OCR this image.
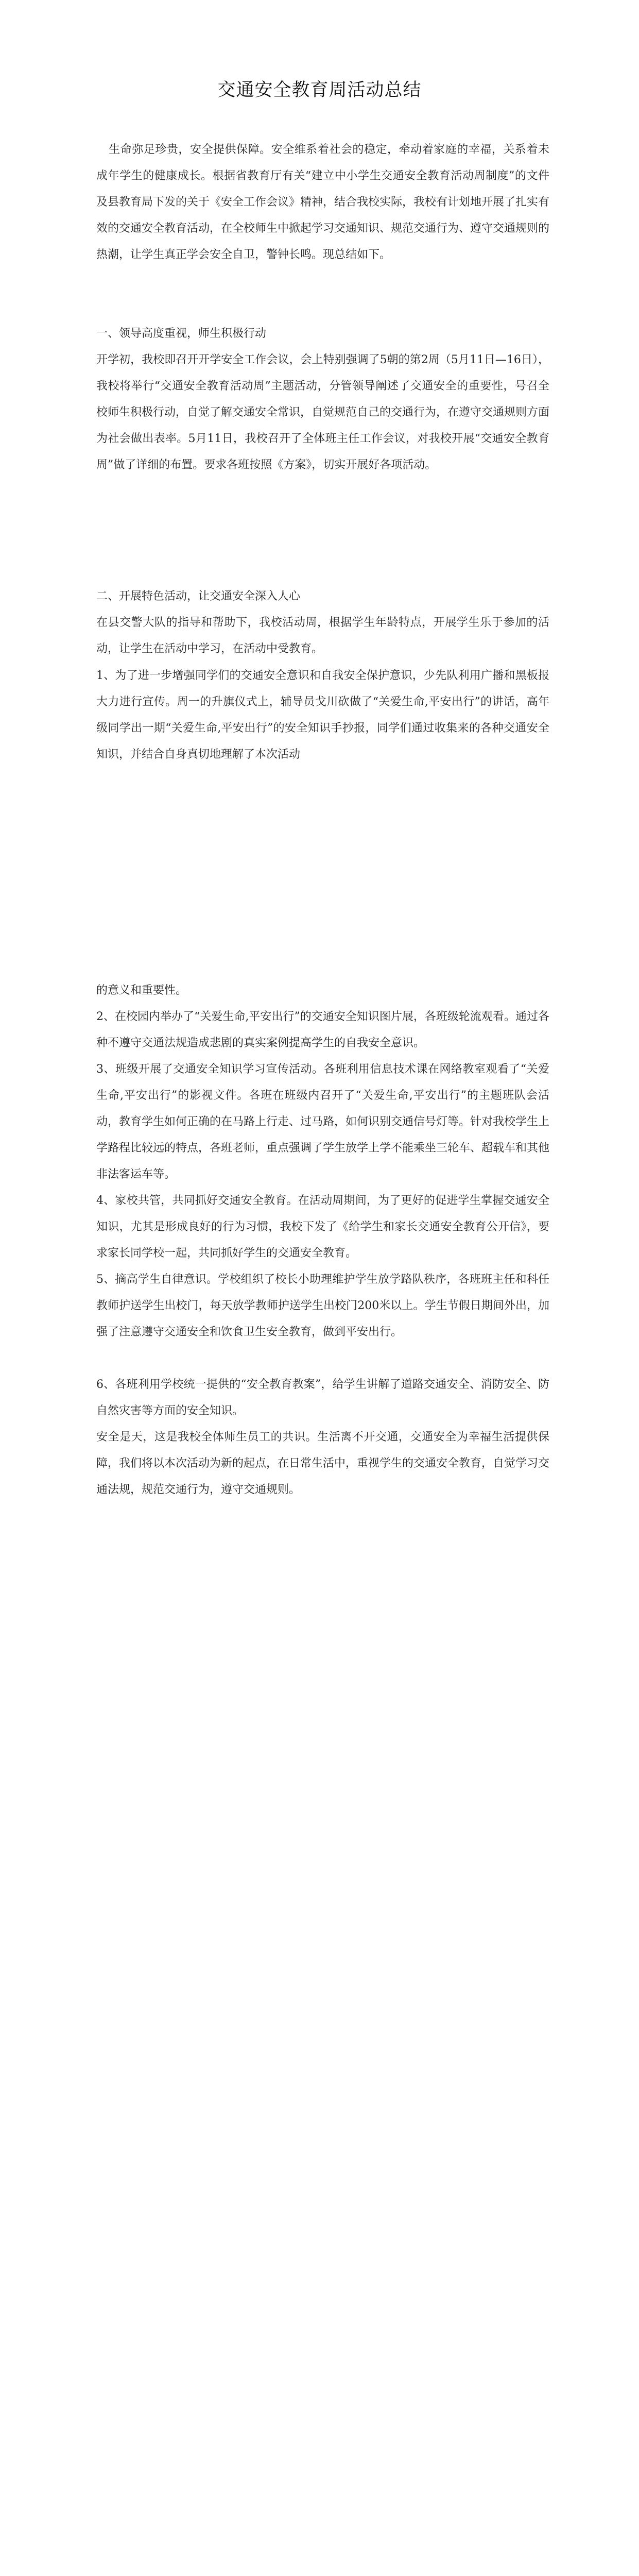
交通安全教育周活动总结

生命弥足珍贵，安全提供保障。安全维系着社会的稳定，牵动着家庭的幸福，关系着未成年学生的健康成长。根据省教育厅有关“建立中小学生交通安全教育活动周制度”的文件及县教育局下发的关于《安全工作会议》精神，结合我校实际，我校有计划地开展了扎实有效的交通安全教育活动，在全校师生中掀起学习交通知识、规范交通行为、遵守交通规则的热潮，让学生真正学会安全自卫，警钟长鸣。现总结如下。

一、领导高度重视，师生积极行动

开学初，我校即召开开学安全工作会议，会上特别强调了5朝的第2周（5月11日—16日），我校将举行“交通安全教育活动周”主题活动，分管领导阐述了交通安全的重要性，号召全校师生积极行动，自觉了解交通安全常识，自觉规范自己的交通行为，在遵守交通规则方面为社会做出表率。5月11日，我校召开了全体班主任工作会议，对我校开展“交通安全教育周”做了详细的布置。要求各班按照《方案》，切实开展好各项活动。

二、开展特色活动，让交通安全深入人心

在县交警大队的指导和帮助下，我校活动周，根据学生年龄特点，开展学生乐于参加的活动，让学生在活动中学习，在活动中受教育。

1、为了进一步增强同学们的交通安全意识和自我安全保护意识，少先队利用广播和黑板报大力进行宣传。周一的升旗仪式上，辅导员戈川砍做了“关爱生命,平安出行”的讲话，高年级同学出一期“关爱生命,平安出行”的安全知识手抄报，同学们通过收集来的各种交通安全知识，并结合自身真切地理解了本次活动

的意义和重要性。

2、在校园内举办了“关爱生命,平安出行”的交通安全知识图片展，各班级轮流观看。通过各种不遵守交通法规造成悲剧的真实案例提高学生的自我安全意识。

3、班级开展了交通安全知识学习宣传活动。各班利用信息技术课在网络教室观看了“关爱生命,平安出行”的影视文件。各班在班级内召开了“关爱生命,平安出行”的主题班队会活动，教育学生如何正确的在马路上行走、过马路，如何识别交通信号灯等。针对我校学生上学路程比较远的特点，各班老师，重点强调了学生放学上学不能乘坐三轮车、超载车和其他非法客运车等。

4、家校共管，共同抓好交通安全教育。在活动周期间，为了更好的促进学生掌握交通安全知识，尤其是形成良好的行为习惯，我校下发了《给学生和家长交通安全教育公开信》，要求家长同学校一起，共同抓好学生的交通安全教育。

5、摘高学生自律意识。学校组织了校长小助理维护学生放学路队秩序，各班班主任和科任教师护送学生出校门，每天放学教师护送学生出校门200米以上。学生节假日期间外出，加强了注意遵守交通安全和饮食卫生安全教育，做到平安出行。

6、各班利用学校统一提供的“安全教育教案”，给学生讲解了道路交通安全、消防安全、防自然灾害等方面的安全知识。

安全是天，这是我校全体师生员工的共识。生活离不开交通，交通安全为幸福生活提供保障，我们将以本次活动为新的起点，在日常生活中，重视学生的交通安全教育，自觉学习交通法规，规范交通行为，遵守交通规则。
